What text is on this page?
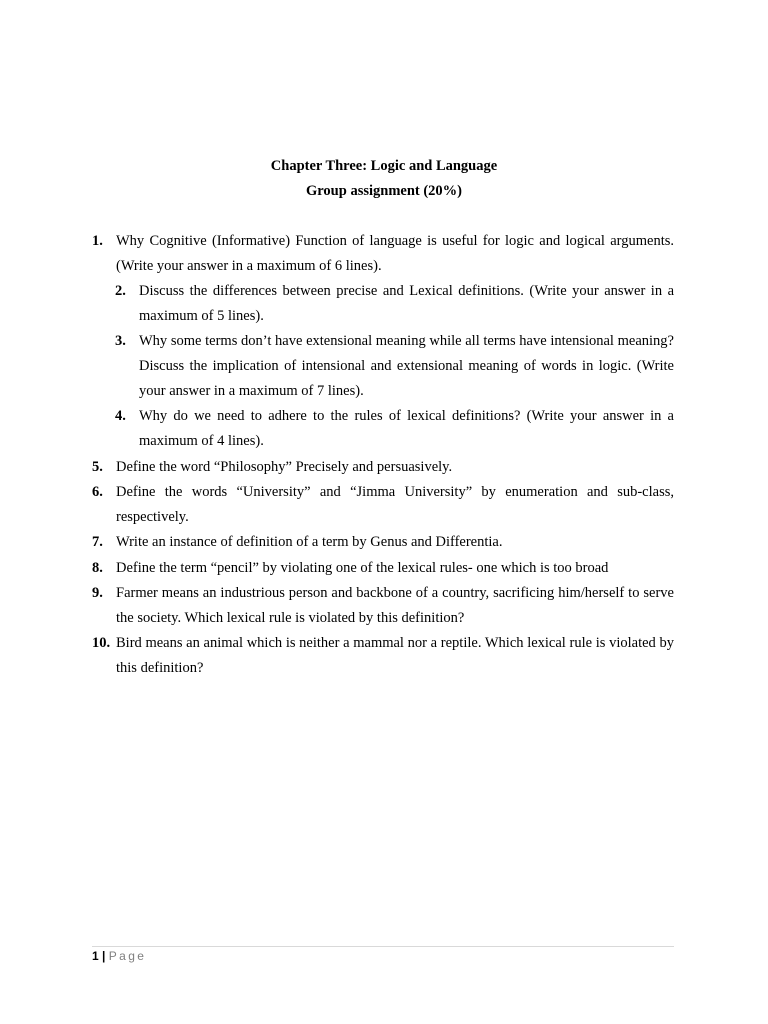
Chapter Three: Logic and Language
Group assignment (20%)
1. Why Cognitive (Informative) Function of language is useful for logic and logical arguments. (Write your answer in a maximum of 6 lines).
2. Discuss the differences between precise and Lexical definitions. (Write your answer in a maximum of 5 lines).
3. Why some terms don’t have extensional meaning while all terms have intensional meaning? Discuss the implication of intensional and extensional meaning of words in logic. (Write your answer in a maximum of 7 lines).
4. Why do we need to adhere to the rules of lexical definitions? (Write your answer in a maximum of 4 lines).
5. Define the word “Philosophy” Precisely and persuasively.
6. Define the words “University” and “Jimma University” by enumeration and sub-class, respectively.
7. Write an instance of definition of a term by Genus and Differentia.
8. Define the term “pencil” by violating one of the lexical rules- one which is too broad
9. Farmer means an industrious person and backbone of a country, sacrificing him/herself to serve the society. Which lexical rule is violated by this definition?
10. Bird means an animal which is neither a mammal nor a reptile. Which lexical rule is violated by this definition?
1 | Page
